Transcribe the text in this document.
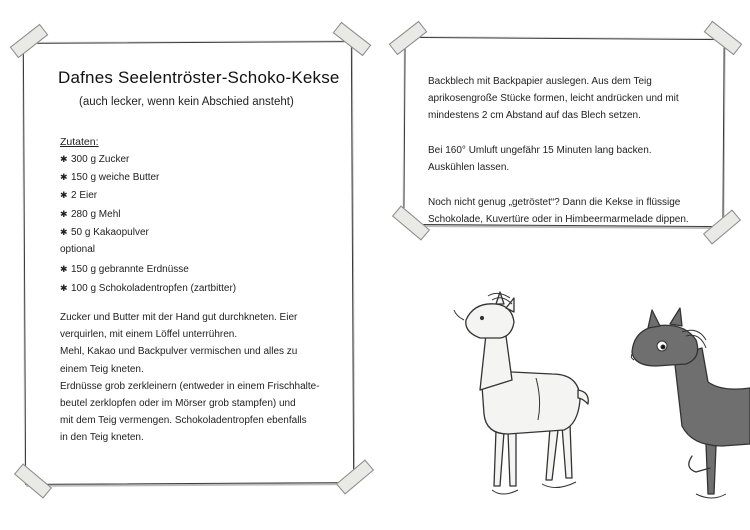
Dafnes Seelentröster-Schoko-Kekse
(auch lecker, wenn kein Abschied ansteht)
Zutaten:
✱ 300 g Zucker
✱ 150 g weiche Butter
✱ 2 Eier
✱ 280 g Mehl
✱ 50 g Kakaopulver
optional
✱ 150 g gebrannte Erdnüsse
✱ 100 g Schokoladentropfen (zartbitter)
Zucker und Butter mit der Hand gut durchkneten. Eier
verquirlen, mit einem Löffel unterrühren.
Mehl, Kakao und Backpulver vermischen und alles zu
einem Teig kneten.
Erdnüsse grob zerkleinern (entweder in einem Frischhalte-
beutel zerklopfen oder im Mörser grob stampfen) und
mit dem Teig vermengen. Schokoladentropfen ebenfalls
in den Teig kneten.
Backblech mit Backpapier auslegen. Aus dem Teig
aprikosengroße Stücke formen, leicht andrücken und mit
mindestens 2 cm Abstand auf das Blech setzen.
Bei 160° Umluft ungefähr 15 Minuten lang backen.
Auskühlen lassen.
Noch nicht genug „getröstet“? Dann die Kekse in flüssige
Schokolade, Kuvertüre oder in Himbeermarmelade dippen.
